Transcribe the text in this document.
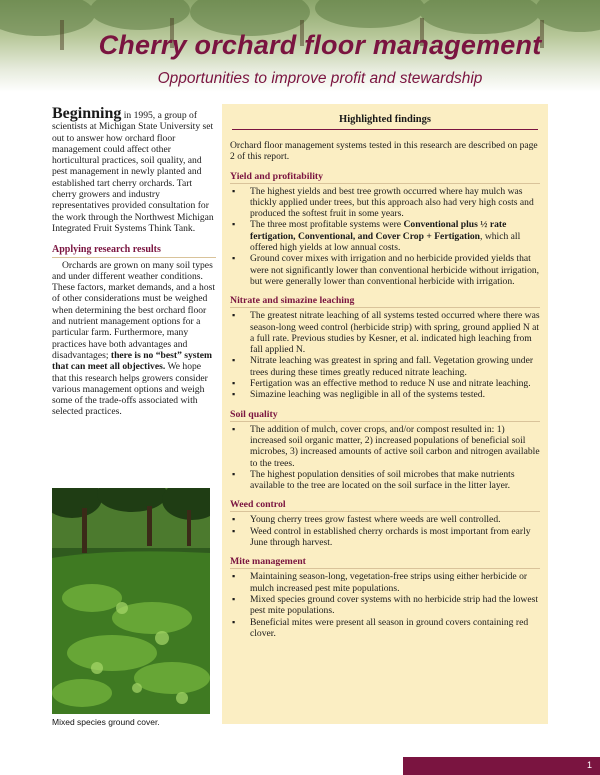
Cherry orchard floor management
Opportunities to improve profit and stewardship

Beginning in 1995, a group of scientists at Michigan State University set out to answer how orchard floor management could affect other horticultural practices, soil quality, and pest management in newly planted and established tart cherry orchards. Tart cherry growers and industry representatives provided consultation for the work through the Northwest Michigan Integrated Fruit Systems Think Tank.

Applying research results

Orchards are grown on many soil types and under different weather conditions. These factors, market demands, and a host of other considerations must be weighed when determining the best orchard floor and nutrient management options for a particular farm. Furthermore, many practices have both advantages and disadvantages; there is no “best” system that can meet all objectives. We hope that this research helps growers consider various management options and weigh some of the trade-offs associated with selected practices.

Mixed species ground cover.
Highlighted findings

Orchard floor management systems tested in this research are described on page 2 of this report.

Yield and profitability
▪ The highest yields and best tree growth occurred where hay mulch was thickly applied under trees, but this approach also had very high costs and produced the softest fruit in some years.
▪ The three most profitable systems were Conventional plus ½ rate fertigation, Conventional, and Cover Crop + Fertigation, which all offered high yields at low annual costs.
▪ Ground cover mixes with irrigation and no herbicide provided yields that were not significantly lower than conventional herbicide without irrigation, but were generally lower than conventional herbicide with irrigation.
Nitrate and simazine leaching
▪ The greatest nitrate leaching of all systems tested occurred where there was season-long weed control (herbicide strip) with spring, ground applied N at a full rate. Previous studies by Kesner, et al. indicated high leaching from fall applied N.
▪ Nitrate leaching was greatest in spring and fall. Vegetation growing under trees during these times greatly reduced nitrate leaching.
▪ Fertigation was an effective method to reduce N use and nitrate leaching.
▪ Simazine leaching was negligible in all of the systems tested.
Soil quality
▪ The addition of mulch, cover crops, and/or compost resulted in: 1) increased soil organic matter, 2) increased populations of beneficial soil microbes, 3) increased amounts of active soil carbon and nitrogen available to the trees.
▪ The highest population densities of soil microbes that make nutrients available to the tree are located on the soil surface in the litter layer.
Weed control
▪ Young cherry trees grow fastest where weeds are well controlled.
▪ Weed control in established cherry orchards is most important from early June through harvest.
Mite management
▪ Maintaining season-long, vegetation-free strips using either herbicide or mulch increased pest mite populations.
▪ Mixed species ground cover systems with no herbicide strip had the lowest pest mite populations.
▪ Beneficial mites were present all season in ground covers containing red clover.
1
